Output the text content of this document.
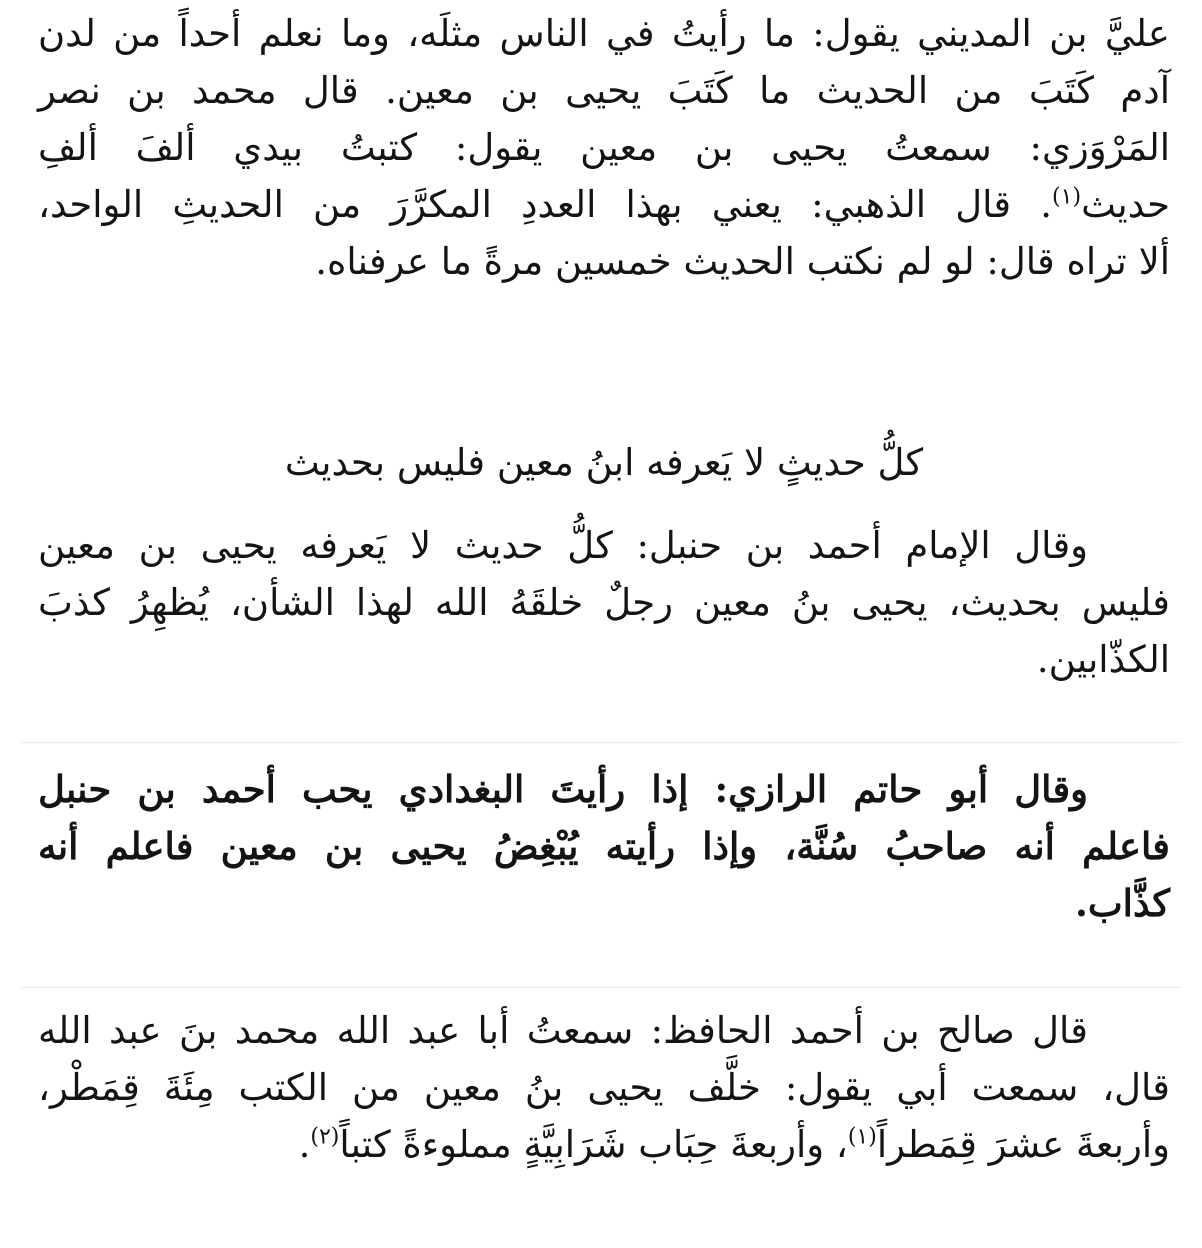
عليَّ بن المديني يقول: ما رأيتُ في الناس مثلَه، وما نعلم أحداً من لدن
آدم كَتَبَ من الحديث ما كَتَبَ يحيى بن معين. قال محمد بن نصر
المَرْوَزي: سمعتُ يحيى بن معين يقول: كتبتُ بيدي ألفَ ألفِ
حديث$^{(١)}$. قال الذهبي: يعني بهذا العددِ المكرَّرَ من الحديثِ الواحد،
ألا تراه قال: لو لم نكتب الحديث خمسين مرةً ما عرفناه.
كلُّ حديثٍ لا يَعرفه ابنُ معين فليس بحديث
وقال الإمام أحمد بن حنبل: كلُّ حديث لا يَعرفه يحيى بن معين
فليس بحديث، يحيى بنُ معين رجلٌ خلقَهُ الله لهذا الشأن، يُظهِرُ كذبَ
الكذّابين.
وقال أبو حاتم الرازي: إذا رأيتَ البغدادي يحب أحمد بن حنبل
فاعلم أنه صاحبُ سُنَّة، وإذا رأيته يُبْغِضُ يحيى بن معين فاعلم أنه
كذَّاب.
قال صالح بن أحمد الحافظ: سمعتُ أبا عبد الله محمد بنَ عبد الله
قال، سمعت أبي يقول: خلَّف يحيى بنُ معين من الكتب مِئَةَ قِمَطْر،
وأربعةَ عشرَ قِمَطراً$^{(١)}$، وأربعةَ حِبَاب شَرَابِيَّةٍ مملوءةً كتباً$^{(٢)}$.
